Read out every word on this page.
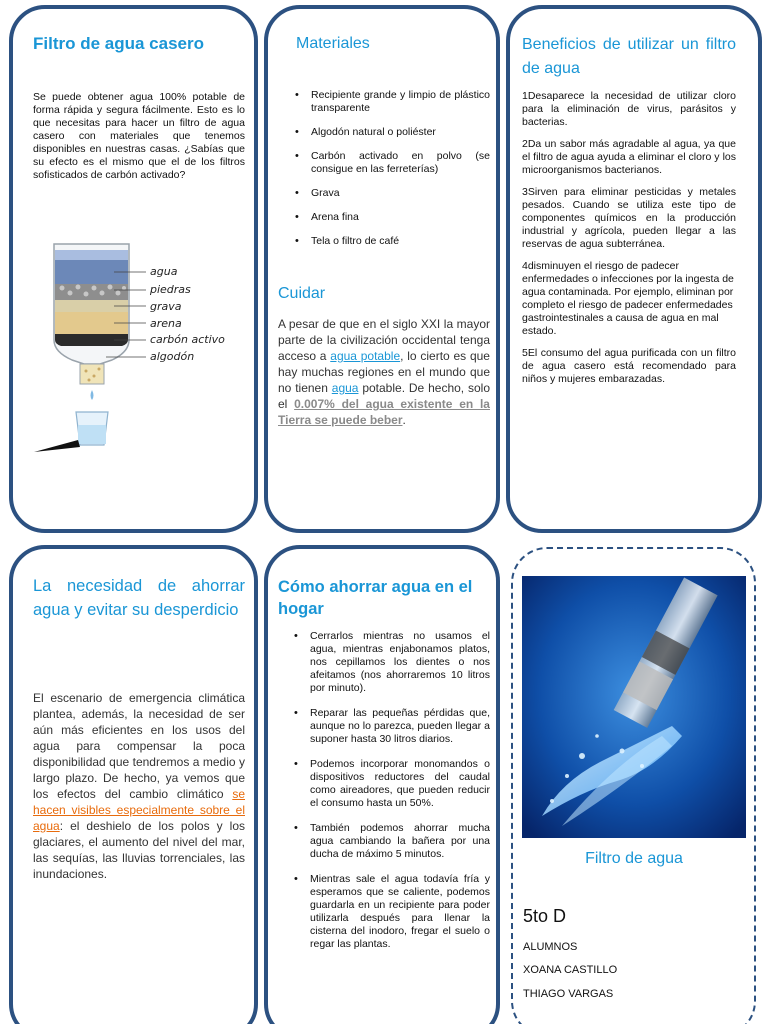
Filtro de agua casero
Se puede obtener agua 100% potable de forma rápida y segura fácilmente. Esto es lo que necesitas para hacer un filtro de agua casero con materiales que tenemos disponibles en nuestras casas. ¿Sabías que su efecto es el mismo que el de los filtros sofisticados de carbón activado?
agua
piedras
grava
arena
carbón activo
algodón
Materiales
• Recipiente grande y limpio de plástico transparente
• Algodón natural o poliéster
• Carbón activado en polvo (se consigue en las ferreterías)
• Grava
• Arena fina
• Tela o filtro de café
Cuidar
A pesar de que en el siglo XXI la mayor parte de la civilización occidental tenga acceso a agua potable, lo cierto es que hay muchas regiones en el mundo que no tienen agua potable. De hecho, solo el 0.007% del agua existente en la Tierra se puede beber.
Beneficios de utilizar un filtro de agua

1Desaparece la necesidad de utilizar cloro para la eliminación de virus, parásitos y bacterias.

2Da un sabor más agradable al agua, ya que el filtro de agua ayuda a eliminar el cloro y los microorganismos bacterianos.

3Sirven para eliminar pesticidas y metales pesados. Cuando se utiliza este tipo de componentes químicos en la producción industrial y agrícola, pueden llegar a las reservas de agua subterránea.

4disminuyen el riesgo de padecer enfermedades o infecciones por la ingesta de agua contaminada. Por ejemplo, eliminan por completo el riesgo de padecer enfermedades gastrointestinales a causa de agua en mal estado.

5El consumo del agua purificada con un filtro de agua casero está recomendado para niños y mujeres embarazadas.

La necesidad de ahorrar agua y evitar su desperdicio
El escenario de emergencia climática plantea, además, la necesidad de ser aún más eficientes en los usos del agua para compensar la poca disponibilidad que tendremos a medio y largo plazo. De hecho, ya vemos que los efectos del cambio climático se hacen visibles especialmente sobre el agua: el deshielo de los polos y los glaciares, el aumento del nivel del mar, las sequías, las lluvias torrenciales, las inundaciones.
Cómo ahorrar agua en el hogar
• Cerrarlos mientras no usamos el agua, mientras enjabonamos platos, nos cepillamos los dientes o nos afeitamos (nos ahorraremos 10 litros por minuto).
• Reparar las pequeñas pérdidas que, aunque no lo parezca, pueden llegar a suponer hasta 30 litros diarios.
• Podemos incorporar monomandos o dispositivos reductores del caudal como aireadores, que pueden reducir el consumo hasta un 50%.
• También podemos ahorrar mucha agua cambiando la bañera por una ducha de máximo 5 minutos.
• Mientras sale el agua todavía fría y esperamos que se caliente, podemos guardarla en un recipiente para poder utilizarla después para llenar la cisterna del inodoro, fregar el suelo o regar las plantas.
Filtro de agua
5to D
ALUMNOS
XOANA CASTILLO
THIAGO VARGAS
